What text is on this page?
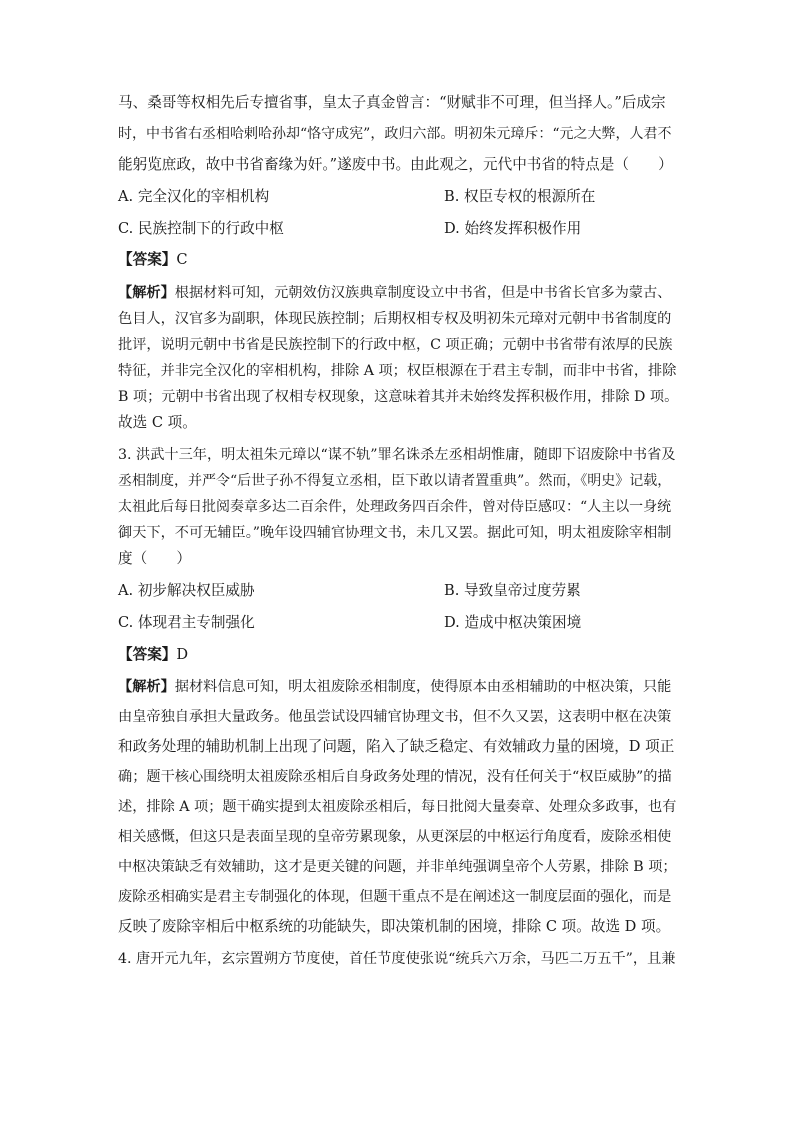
马、桑哥等权相先后专擅省事，皇太子真金曾言：“财赋非不可理，但当择人。”后成宗
时，中书省右丞相哈剌哈孙却“恪守成宪”，政归六部。明初朱元璋斥：“元之大弊，人君不
能躬览庶政，故中书省畜缘为奸。”遂废中书。由此观之，元代中书省的特点是（　　）
A. 完全汉化的宰相机构	B. 权臣专权的根源所在
C. 民族控制下的行政中枢	D. 始终发挥积极作用
【答案】C
【解析】根据材料可知，元朝效仿汉族典章制度设立中书省，但是中书省长官多为蒙古、
色目人，汉官多为副职，体现民族控制；后期权相专权及明初朱元璋对元朝中书省制度的
批评，说明元朝中书省是民族控制下的行政中枢，C 项正确；元朝中书省带有浓厚的民族
特征，并非完全汉化的宰相机构，排除 A 项；权臣根源在于君主专制，而非中书省，排除
B 项；元朝中书省出现了权相专权现象，这意味着其并未始终发挥积极作用，排除 D 项。
故选 C 项。
3. 洪武十三年，明太祖朱元璋以“谋不轨”罪名诛杀左丞相胡惟庸，随即下诏废除中书省及
丞相制度，并严令“后世子孙不得复立丞相，臣下敢以请者置重典”。然而，《明史》记载，
太祖此后每日批阅奏章多达二百余件，处理政务四百余件，曾对侍臣感叹：“人主以一身统
御天下，不可无辅臣。”晚年设四辅官协理文书，未几又罢。据此可知，明太祖废除宰相制
度（　　）
A. 初步解决权臣威胁	B. 导致皇帝过度劳累
C. 体现君主专制强化	D. 造成中枢决策困境
【答案】D
【解析】据材料信息可知，明太祖废除丞相制度，使得原本由丞相辅助的中枢决策，只能
由皇帝独自承担大量政务。他虽尝试设四辅官协理文书，但不久又罢，这表明中枢在决策
和政务处理的辅助机制上出现了问题，陷入了缺乏稳定、有效辅政力量的困境，D 项正
确；题干核心围绕明太祖废除丞相后自身政务处理的情况，没有任何关于“权臣威胁”的描
述，排除 A 项；题干确实提到太祖废除丞相后，每日批阅大量奏章、处理众多政事，也有
相关感慨，但这只是表面呈现的皇帝劳累现象，从更深层的中枢运行角度看，废除丞相使
中枢决策缺乏有效辅助，这才是更关键的问题，并非单纯强调皇帝个人劳累，排除 B 项；
废除丞相确实是君主专制强化的体现，但题干重点不是在阐述这一制度层面的强化，而是
反映了废除宰相后中枢系统的功能缺失，即决策机制的困境，排除 C 项。故选 D 项。
4. 唐开元九年，玄宗置朔方节度使，首任节度使张说“统兵六万余，马匹二万五千”，且兼
